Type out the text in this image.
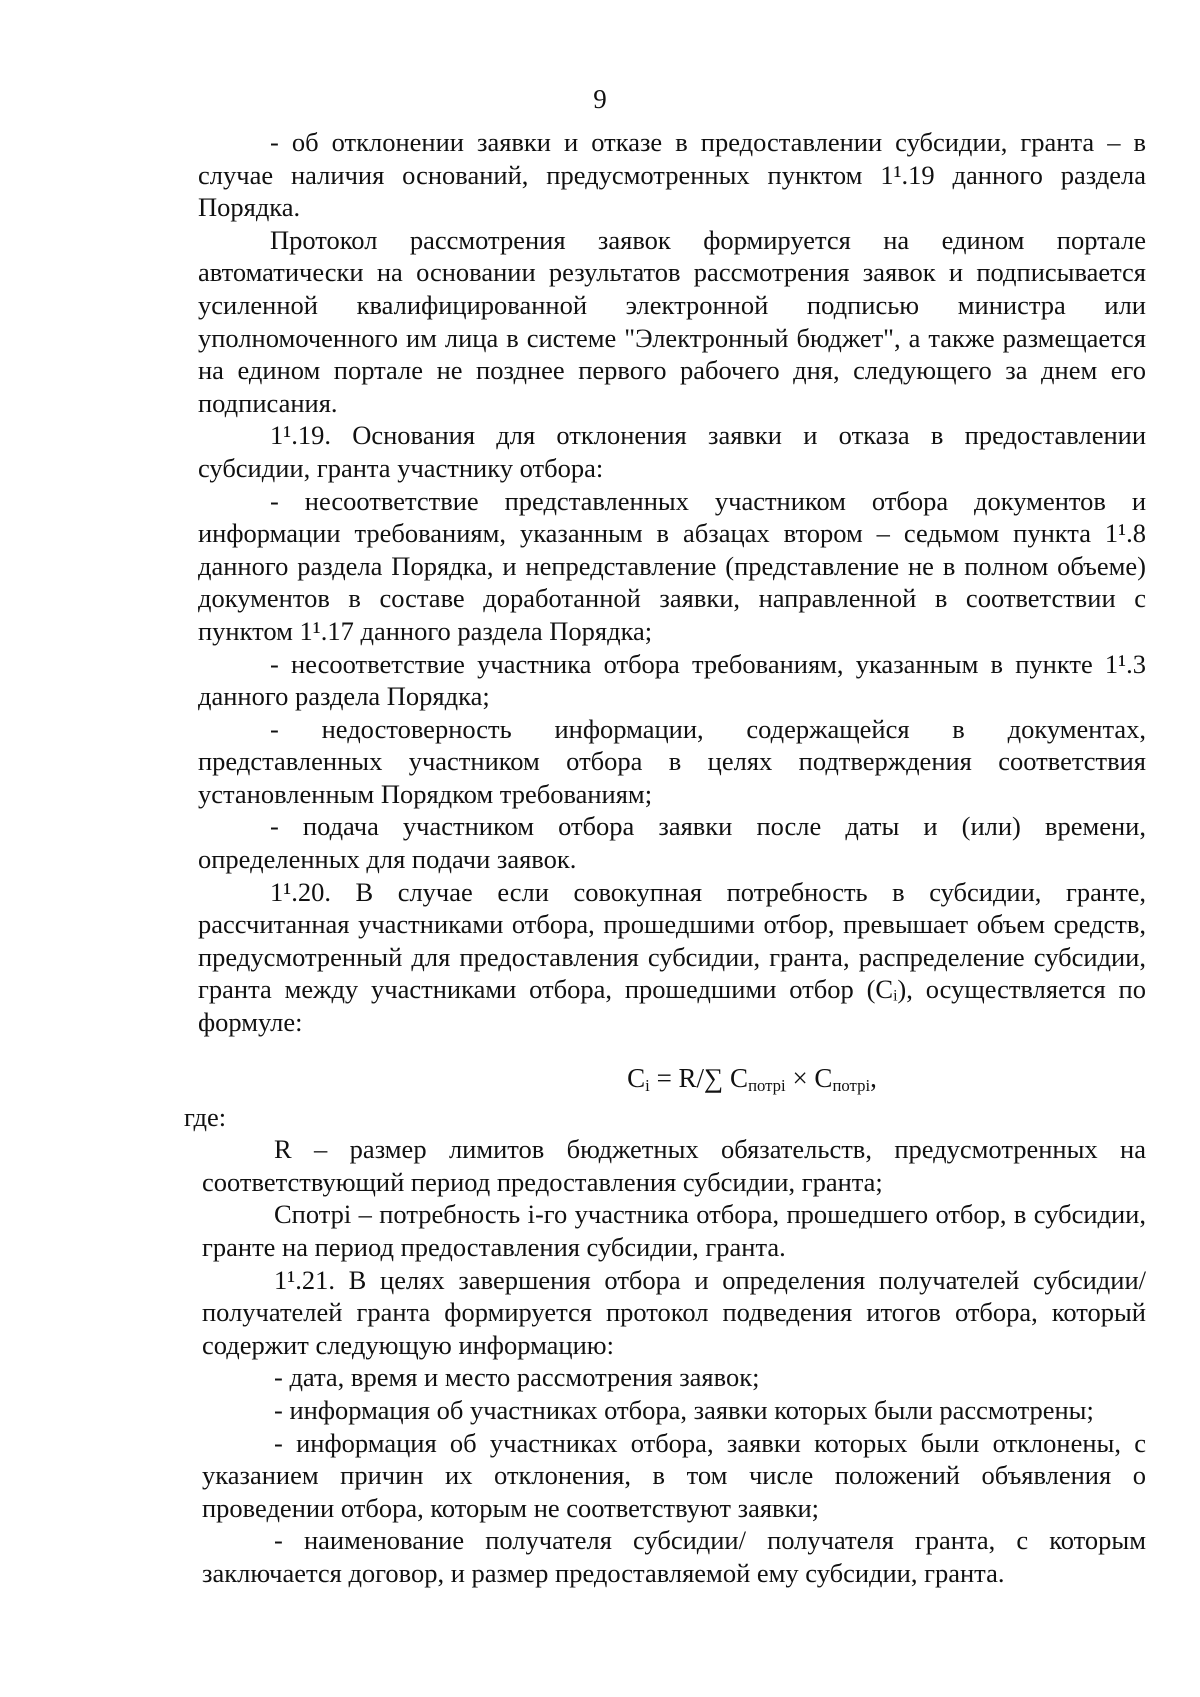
9

- об отклонении заявки и отказе в предоставлении субсидии, гранта – в случае наличия оснований, предусмотренных пунктом 1¹.19 данного раздела Порядка.

Протокол рассмотрения заявок формируется на едином портале автоматически на основании результатов рассмотрения заявок и подписывается усиленной квалифицированной электронной подписью министра или уполномоченного им лица в системе "Электронный бюджет", а также размещается на едином портале не позднее первого рабочего дня, следующего за днем его подписания.

1¹.19. Основания для отклонения заявки и отказа в предоставлении субсидии, гранта участнику отбора:

- несоответствие представленных участником отбора документов и информации требованиям, указанным в абзацах втором – седьмом пункта 1¹.8 данного раздела Порядка, и непредставление (представление не в полном объеме) документов в составе доработанной заявки, направленной в соответствии с пунктом 1¹.17 данного раздела Порядка;

- несоответствие участника отбора требованиям, указанным в пункте 1¹.3 данного раздела Порядка;

- недостоверность информации, содержащейся в документах, представленных участником отбора в целях подтверждения соответствия установленным Порядком требованиям;

- подача участником отбора заявки после даты и (или) времени, определенных для подачи заявок.

1¹.20. В случае если совокупная потребность в субсидии, гранте, рассчитанная участниками отбора, прошедшими отбор, превышает объем средств, предусмотренный для предоставления субсидии, гранта, распределение субсидии, гранта между участниками отбора, прошедшими отбор (Cᵢ), осуществляется по формуле:

$C_i = R/\sum$ $C_{потрi} \times C_{потрi}$,

где:

R – размер лимитов бюджетных обязательств, предусмотренных на соответствующий период предоставления субсидии, гранта;

Cпотрi – потребность i-го участника отбора, прошедшего отбор, в субсидии, гранте на период предоставления субсидии, гранта.

1¹.21. В целях завершения отбора и определения получателей субсидии/ получателей гранта формируется протокол подведения итогов отбора, который содержит следующую информацию:

- дата, время и место рассмотрения заявок;

- информация об участниках отбора, заявки которых были рассмотрены;

- информация об участниках отбора, заявки которых были отклонены, с указанием причин их отклонения, в том числе положений объявления о проведении отбора, которым не соответствуют заявки;

- наименование получателя субсидии/ получателя гранта, с которым заключается договор, и размер предоставляемой ему субсидии, гранта.
